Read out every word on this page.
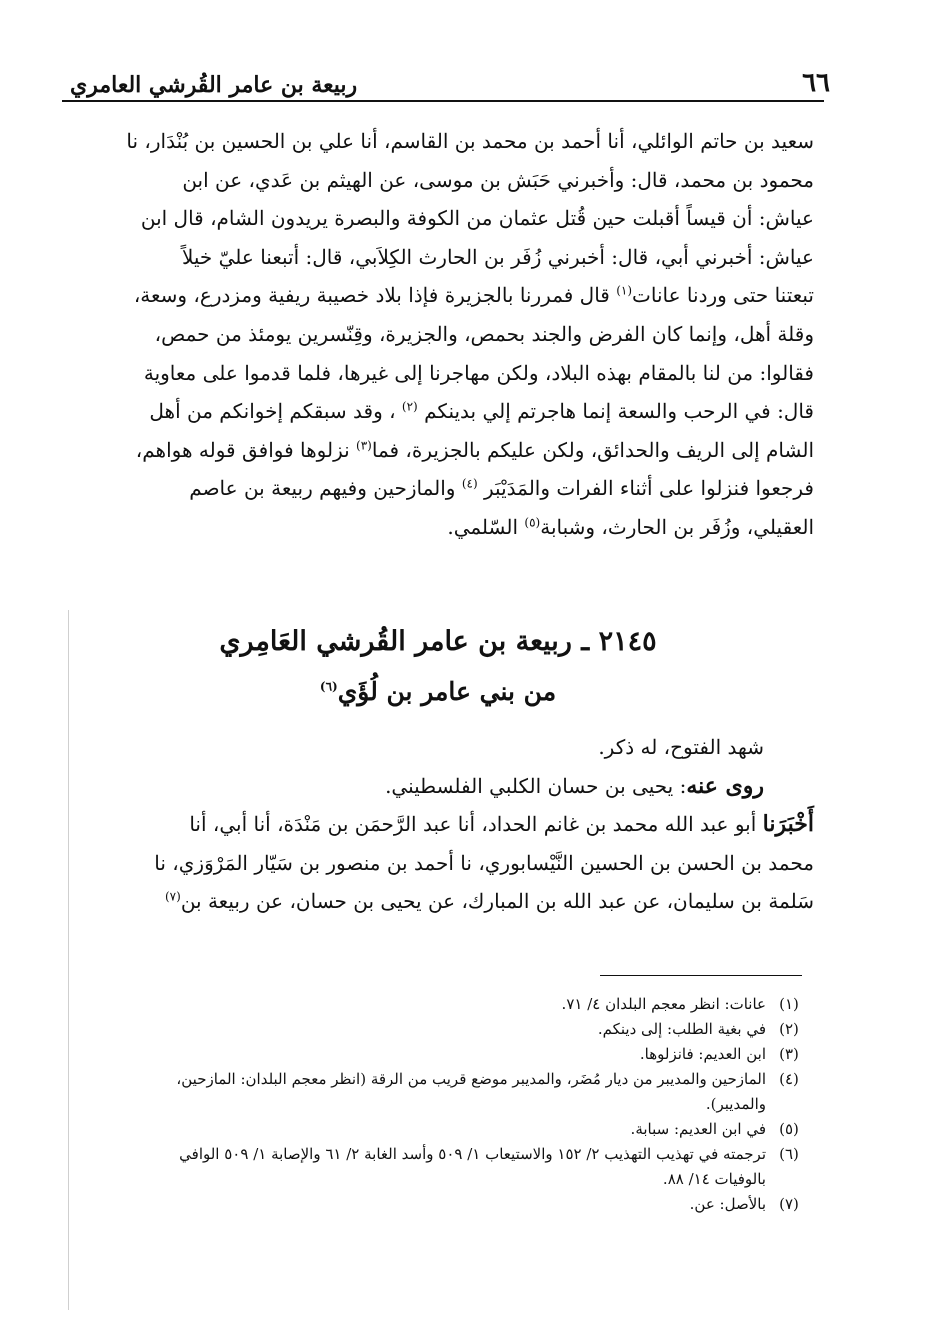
٦٦
ربيعة بن عامر القُرشي العامري
سعيد بن حاتم الوائلي، أنا أحمد بن محمد بن القاسم، أنا علي بن الحسين بن بُنْدَار، نا
محمود بن محمد، قال: وأخبرني حَبَش بن موسى، عن الهيثم بن عَدي، عن ابن
عياش: أن قيساً أقبلت حين قُتل عثمان من الكوفة والبصرة يريدون الشام، قال ابن
عياش: أخبرني أبي، قال: أخبرني زُفَر بن الحارث الكِلاَبي، قال: أتبعنا عليّ خيلاً
تبعتنا حتى وردنا عانات$^{(١)}$ قال فمررنا بالجزيرة فإذا بلاد خصيبة ريفية ومزدرع، وسعة،
وقلة أهل، وإنما كان الفرض والجند بحمص، والجزيرة، وقِنّسرين يومئذ من حمص،
فقالوا: من لنا بالمقام بهذه البلاد، ولكن مهاجرنا إلى غيرها، فلما قدموا على معاوية
قال: في الرحب والسعة إنما هاجرتم إلي بدينكم $^{(٢)}$ ، وقد سبقكم إخوانكم من أهل
الشام إلى الريف والحدائق، ولكن عليكم بالجزيرة، فما$^{(٣)}$ نزلوها فوافق قوله هواهم،
فرجعوا فنزلوا على أثناء الفرات والمَدَيْبَر $^{(٤)}$ والمازحين وفيهم ربيعة بن عاصم
العقيلي، وزُفَر بن الحارث، وشبابة$^{(٥)}$ السّلمي.
٢١٤٥ ـ ربيعة بن عامر القُرشي العَامِري
من بني عامر بن لُؤَي$^{(٦)}$
شهد الفتوح، له ذكر.
روى عنه: يحيى بن حسان الكلبي الفلسطيني.
أَخْبَرَنا أبو عبد الله محمد بن غانم الحداد، أنا عبد الرَّحمَن بن مَنْدَة، أنا أبي، أنا
محمد بن الحسن بن الحسين النَّيْسابوري، نا أحمد بن منصور بن سَيّار المَرْوَزي، نا
سَلمة بن سليمان، عن عبد الله بن المبارك، عن يحيى بن حسان، عن ربيعة بن$^{(٧)}$
(١)
عانات: انظر معجم البلدان ٤/ ٧١.
(٢)
في بغية الطلب: إلى دينكم.
(٣)
ابن العديم: فانزلوها.
(٤)
المازحين والمديبر من ديار مُضَر، والمديبر موضع قريب من الرقة (انظر معجم البلدان: المازحين،
والمديبر).
(٥)
في ابن العديم: سبابة.
(٦)
ترجمته في تهذيب التهذيب ٢/ ١٥٢ والاستيعاب ١/ ٥٠٩ وأسد الغابة ٢/ ٦١ والإصابة ١/ ٥٠٩ الوافي
بالوفيات ١٤/ ٨٨.
(٧)
بالأصل: عن.
